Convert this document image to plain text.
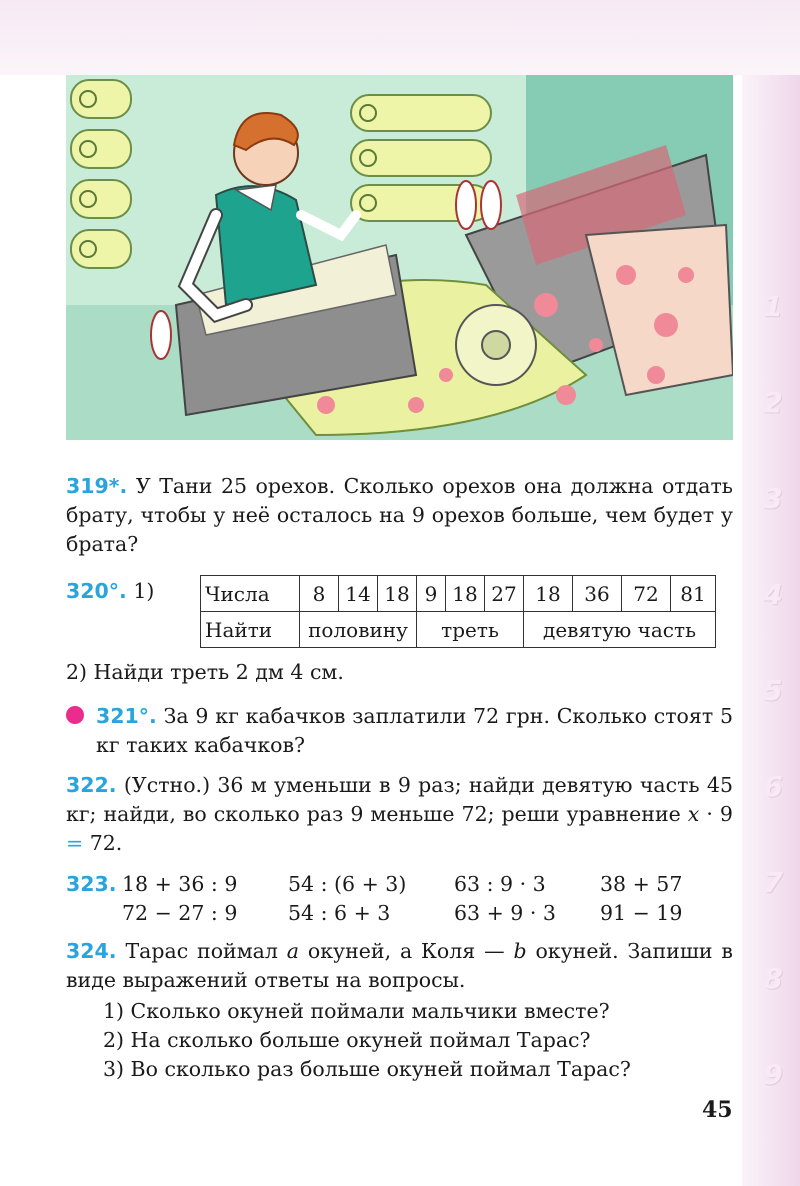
1
2
3
4
5
6
7
8
9
319*. У Тани 25 орехов. Сколько орехов она должна отдать брату, чтобы у неё осталось на 9 орехов больше, чем будет у брата?
320°. 1)	Числа	8	14	18	9	18	27	18	36	72	81
Найти	половину			треть			девятую часть			
2) Найди треть 2 дм 4 см.
321°. За 9 кг кабачков заплатили 72 грн. Сколько стоят 5 кг таких кабачков?
322. (Устно.) 36 м уменьши в 9 раз; найди девятую часть 45 кг; найди, во сколько раз 9 меньше 72; реши уравнение x · 9 = 72.
323. 18 + 36 : 9	54 : (6 + 3)	63 : 9 · 3	38 + 57
72 − 27 : 9	54 : 6 + 3	63 + 9 · 3	91 − 19
324. Тарас поймал a окуней, а Коля — b окуней. Запиши в виде выражений ответы на вопросы.
1) Сколько окуней поймали мальчики вместе?
2) На сколько больше окуней поймал Тарас?
3) Во сколько раз больше окуней поймал Тарас?
45
